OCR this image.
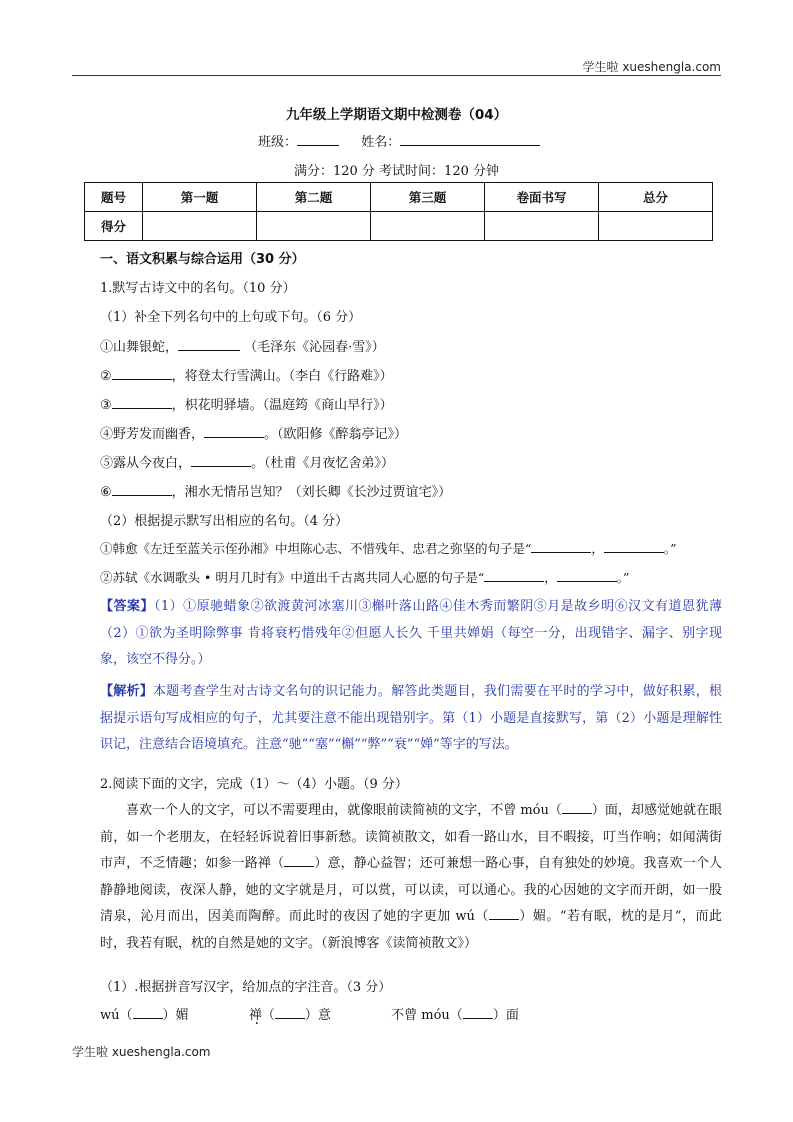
学生啦 xueshengla.com
九年级上学期语文期中检测卷（04）
班级：	姓名：
满分：120 分 考试时间：120 分钟
题号	第一题	第二题	第三题	卷面书写	总分
得分					
一、语文积累与综合运用（30 分）
1.默写古诗文中的名句。（10 分）
（1）补全下列名句中的上句或下句。（6 分）
①山舞银蛇，	（毛泽东《沁园春·雪》）
②	，将登太行雪满山。（李白《行路难》）
③	，枳花明驿墙。（温庭筠《商山早行》）
④野芳发而幽香，	。（欧阳修《醉翁亭记》）
⑤露从今夜白，	。（杜甫《月夜忆舍弟》）
⑥	，湘水无情吊岂知？（刘长卿《长沙过贾谊宅》）
（2）根据提示默写出相应的名句。（4 分）
①韩愈《左迁至蓝关示侄孙湘》中坦陈心志、不惜残年、忠君之弥坚的句子是“	，	。”
②苏轼《水调歌头 • 明月几时有》中道出千古离共同人心愿的句子是“	，	。”
【答案】（1）①原驰蜡象②欲渡黄河冰塞川③槲叶落山路④佳木秀而繁阴⑤月是故乡明⑥汉文有道恩犹薄（2）①欲为圣明除弊事 肯将衰朽惜残年②但愿人长久 千里共婵娟（每空一分，出现错字、漏字、别字现象，该空不得分。）
【解析】本题考查学生对古诗文名句的识记能力。解答此类题目，我们需要在平时的学习中，做好积累，根据提示语句写成相应的句子，尤其要注意不能出现错别字。第（1）小题是直接默写，第（2）小题是理解性识记，注意结合语境填充。注意“驰”“塞”“槲”“弊”“衰”“婵”等字的写法。
2.阅读下面的文字，完成（1）～（4）小题。（9 分）
喜欢一个人的文字，可以不需要理由，就像眼前读简祯的文字，不曾 móu（ ）面，却感觉她就在眼前，如一个老朋友，在轻轻诉说着旧事新愁。读简祯散文，如看一路山水，目不暇接，叮当作响；如闻满街市声，不乏情趣；如参一路禅（ ）意，静心益智；还可兼想一路心事，自有独处的妙境。我喜欢一个人静静地阅读，夜深人静，她的文字就是月，可以赏，可以读，可以通心。我的心因她的文字而开朗，如一股清泉，沁月而出，因美而陶醉。而此时的夜因了她的字更加 wú（ ）媚。“若有眠，枕的是月”，而此时，我若有眠，枕的自然是她的文字。（新浪博客《读简祯散文》）
（1）.根据拼音写汉字，给加点的字注音。（3 分）
wú（ ）媚	禅（ ）意	不曾 móu（ ）面
学生啦 xueshengla.com
